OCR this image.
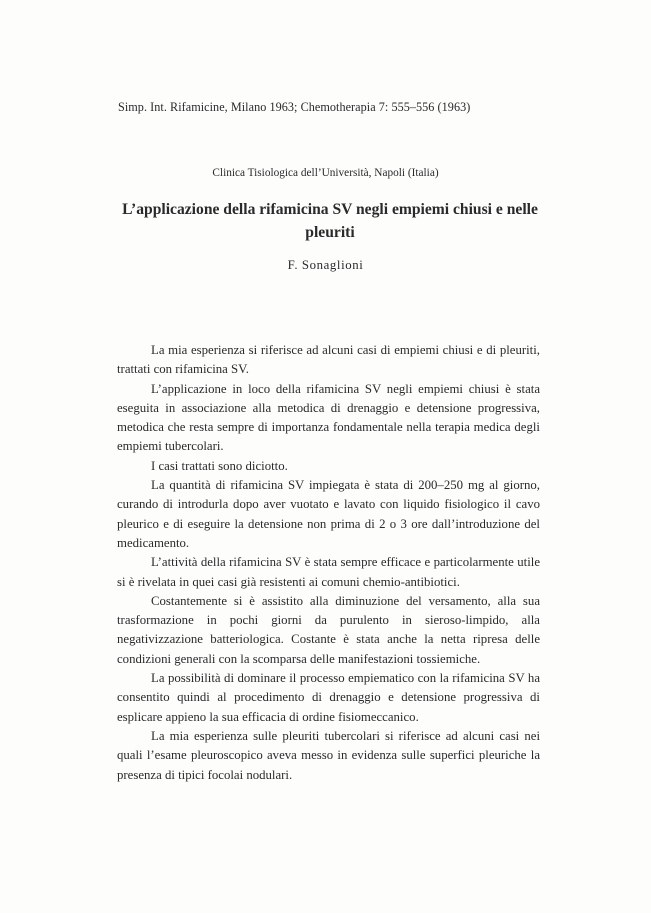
Simp. Int. Rifamicine, Milano 1963; Chemotherapia 7: 555–556 (1963)
Clinica Tisiologica dell’Università, Napoli (Italia)
L’applicazione della rifamicina SV negli empiemi chiusi e nelle pleuriti
F. Sonaglioni

La mia esperienza si riferisce ad alcuni casi di empiemi chiusi e di pleuriti, trattati con rifamicina SV.

L’applicazione in loco della rifamicina SV negli empiemi chiusi è stata eseguita in associazione alla metodica di drenaggio e detensione progressiva, metodica che resta sempre di importanza fondamentale nella terapia medica degli empiemi tubercolari.

I casi trattati sono diciotto.

La quantità di rifamicina SV impiegata è stata di 200–250 mg al giorno, curando di introdurla dopo aver vuotato e lavato con liquido fisiologico il cavo pleurico e di eseguire la detensione non prima di 2 o 3 ore dall’introduzione del medicamento.

L’attività della rifamicina SV è stata sempre efficace e particolarmente utile si è rivelata in quei casi già resistenti ai comuni chemio-antibiotici.

Costantemente si è assistito alla diminuzione del versamento, alla sua trasformazione in pochi giorni da purulento in sieroso-limpido, alla negativizzazione batteriologica. Costante è stata anche la netta ripresa delle condizioni generali con la scomparsa delle manifestazioni tossiemiche.

La possibilità di dominare il processo empiematico con la rifamicina SV ha consentito quindi al procedimento di drenaggio e detensione progressiva di esplicare appieno la sua efficacia di ordine fisiomeccanico.

La mia esperienza sulle pleuriti tubercolari si riferisce ad alcuni casi nei quali l’esame pleuroscopico aveva messo in evidenza sulle superfici pleuriche la presenza di tipici focolai nodulari.
